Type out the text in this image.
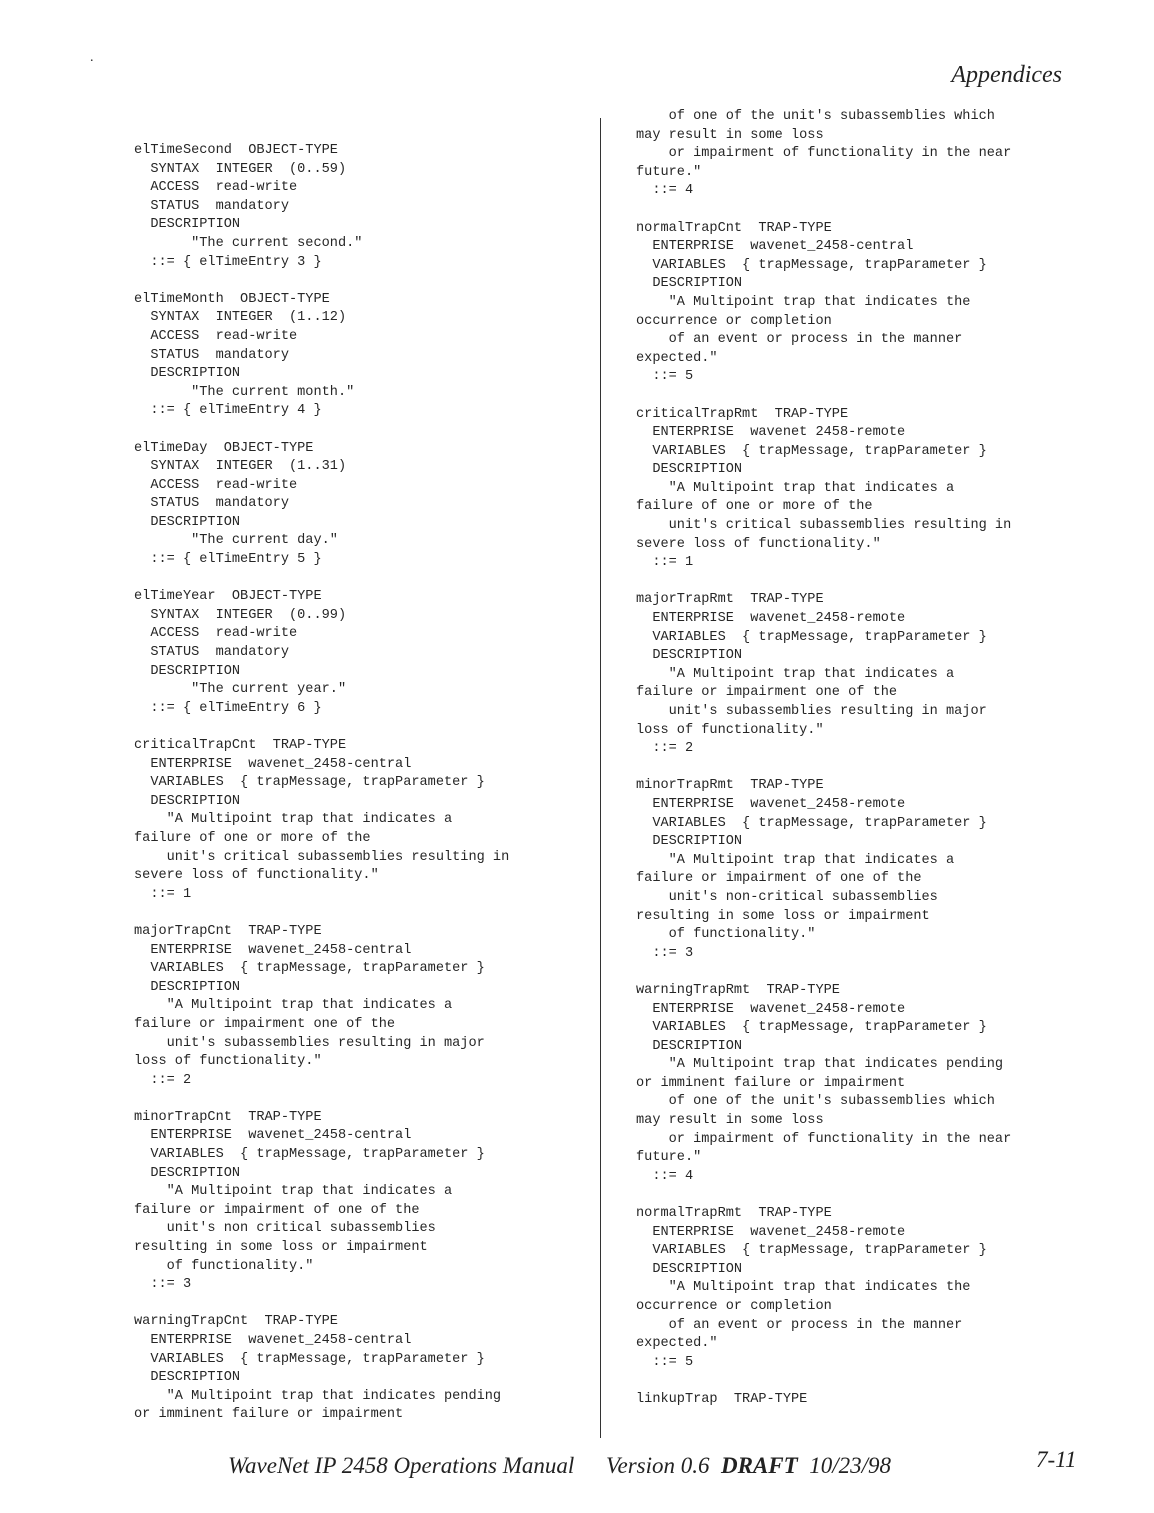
.
Appendices
elTimeSecond  OBJECT-TYPE
SYNTAX  INTEGER  (0..59)
ACCESS  read-write
STATUS  mandatory
DESCRIPTION
"The current second."
::= { elTimeEntry 3 }
elTimeMonth  OBJECT-TYPE
SYNTAX  INTEGER  (1..12)
ACCESS  read-write
STATUS  mandatory
DESCRIPTION
"The current month."
::= { elTimeEntry 4 }
elTimeDay  OBJECT-TYPE
SYNTAX  INTEGER  (1..31)
ACCESS  read-write
STATUS  mandatory
DESCRIPTION
"The current day."
::= { elTimeEntry 5 }
elTimeYear  OBJECT-TYPE
SYNTAX  INTEGER  (0..99)
ACCESS  read-write
STATUS  mandatory
DESCRIPTION
"The current year."
::= { elTimeEntry 6 }
criticalTrapCnt  TRAP-TYPE
ENTERPRISE  wavenet_2458-central
VARIABLES  { trapMessage, trapParameter }
DESCRIPTION
"A Multipoint trap that indicates a
failure of one or more of the
unit's critical subassemblies resulting in
severe loss of functionality."
::= 1
majorTrapCnt  TRAP-TYPE
ENTERPRISE  wavenet_2458-central
VARIABLES  { trapMessage, trapParameter }
DESCRIPTION
"A Multipoint trap that indicates a
failure or impairment one of the
unit's subassemblies resulting in major
loss of functionality."
::= 2
minorTrapCnt  TRAP-TYPE
ENTERPRISE  wavenet_2458-central
VARIABLES  { trapMessage, trapParameter }
DESCRIPTION
"A Multipoint trap that indicates a
failure or impairment of one of the
unit's non critical subassemblies
resulting in some loss or impairment
of functionality."
::= 3
warningTrapCnt  TRAP-TYPE
ENTERPRISE  wavenet_2458-central
VARIABLES  { trapMessage, trapParameter }
DESCRIPTION
"A Multipoint trap that indicates pending
or imminent failure or impairment
of one of the unit's subassemblies which
may result in some loss
or impairment of functionality in the near
future."
::= 4
normalTrapCnt  TRAP-TYPE
ENTERPRISE  wavenet_2458-central
VARIABLES  { trapMessage, trapParameter }
DESCRIPTION
"A Multipoint trap that indicates the
occurrence or completion
of an event or process in the manner
expected."
::= 5
criticalTrapRmt  TRAP-TYPE
ENTERPRISE  wavenet 2458-remote
VARIABLES  { trapMessage, trapParameter }
DESCRIPTION
"A Multipoint trap that indicates a
failure of one or more of the
unit's critical subassemblies resulting in
severe loss of functionality."
::= 1
majorTrapRmt  TRAP-TYPE
ENTERPRISE  wavenet_2458-remote
VARIABLES  { trapMessage, trapParameter }
DESCRIPTION
"A Multipoint trap that indicates a
failure or impairment one of the
unit's subassemblies resulting in major
loss of functionality."
::= 2
minorTrapRmt  TRAP-TYPE
ENTERPRISE  wavenet_2458-remote
VARIABLES  { trapMessage, trapParameter }
DESCRIPTION
"A Multipoint trap that indicates a
failure or impairment of one of the
unit's non-critical subassemblies
resulting in some loss or impairment
of functionality."
::= 3
warningTrapRmt  TRAP-TYPE
ENTERPRISE  wavenet_2458-remote
VARIABLES  { trapMessage, trapParameter }
DESCRIPTION
"A Multipoint trap that indicates pending
or imminent failure or impairment
of one of the unit's subassemblies which
may result in some loss
or impairment of functionality in the near
future."
::= 4
normalTrapRmt  TRAP-TYPE
ENTERPRISE  wavenet_2458-remote
VARIABLES  { trapMessage, trapParameter }
DESCRIPTION
"A Multipoint trap that indicates the
occurrence or completion
of an event or process in the manner
expected."
::= 5
linkupTrap  TRAP-TYPE
WaveNet IP 2458 Operations Manual Version 0.6 DRAFT 10/23/98	7-11
